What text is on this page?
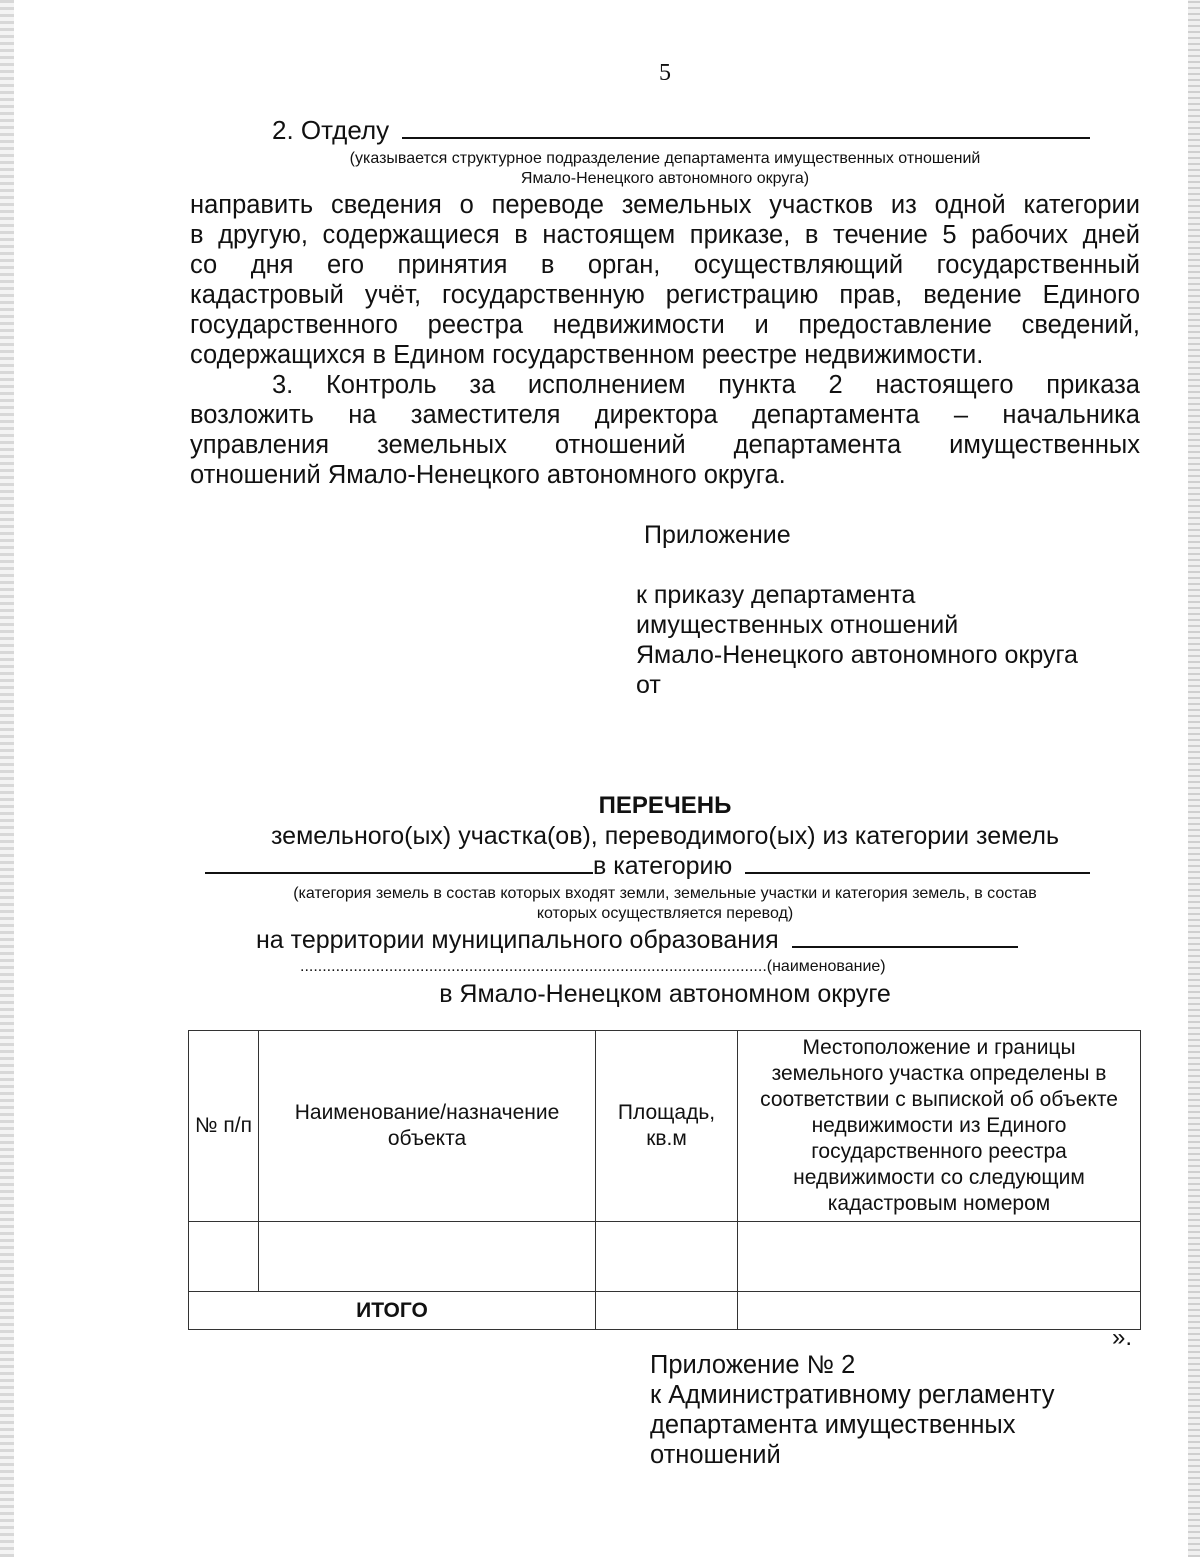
5
2. Отделу
(указывается структурное подразделение департамента имущественных отношений
Ямало-Ненецкого автономного округа)
направить сведения о переводе земельных участков из одной категории
в другую, содержащиеся в настоящем приказе, в течение 5 рабочих дней
со дня его принятия в орган, осуществляющий государственный
кадастровый учёт, государственную регистрацию прав, ведение Единого
государственного реестра недвижимости и предоставление сведений,
содержащихся в Едином государственном реестре недвижимости.
3. Контроль за исполнением пункта 2 настоящего приказа
возложить на заместителя директора департамента – начальника
управления земельных отношений департамента имущественных
отношений Ямало-Ненецкого автономного округа.
Приложение
к приказу департамента
имущественных отношений
Ямало-Ненецкого автономного округа
от
ПЕРЕЧЕНЬ
земельного(ых) участка(ов), переводимого(ых) из категории земель
в категорию
(категория земель в состав которых входят земли, земельные участки и категория земель, в состав
которых осуществляется перевод)
на территории муниципального образования
.........................................................................................................(наименование)
в Ямало-Ненецком автономном округе
№ п/п	Наименование/назначение объекта	Площадь, кв.м	Местоположение и границы земельного участка определены в соответствии с выпиской об объекте недвижимости из Единого государственного реестра недвижимости со следующим кадастровым номером

ИТОГО			
».
Приложение № 2
к Административному регламенту
департамента имущественных
отношений
